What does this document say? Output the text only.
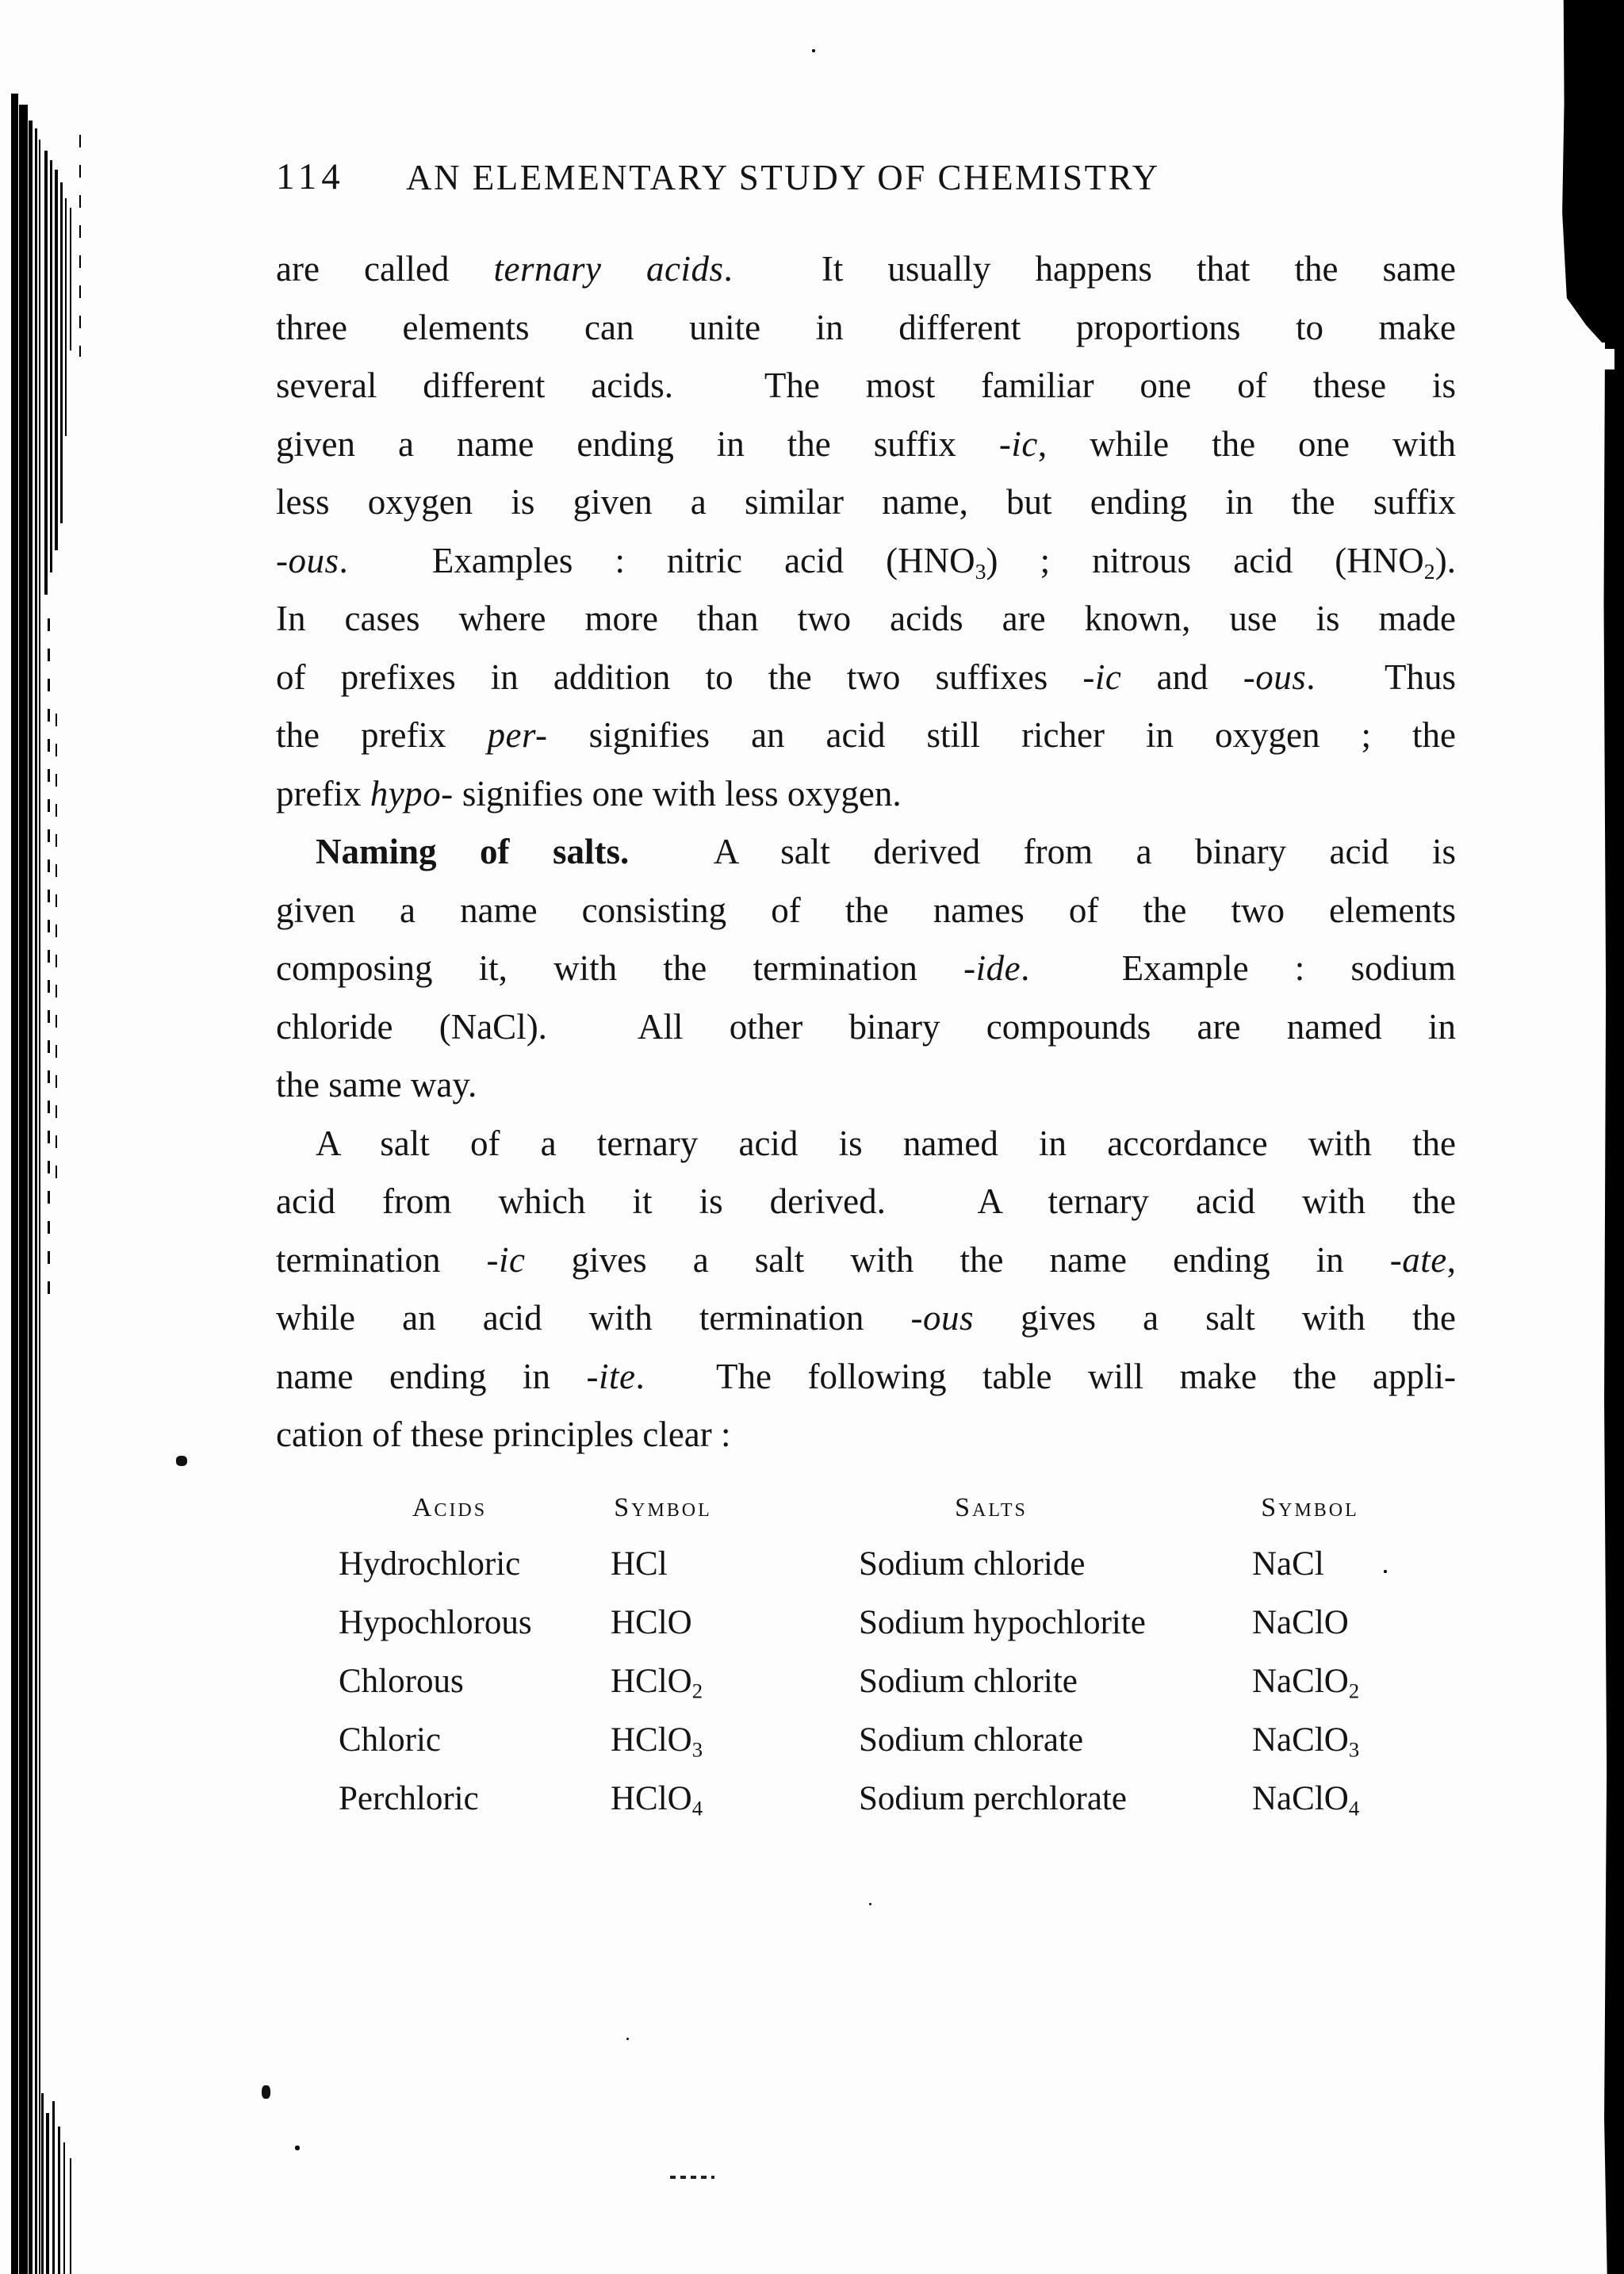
114 AN ELEMENTARY STUDY OF CHEMISTRY
are called ternary acids.  It usually happens that the same
three elements can unite in different proportions to make
several different acids.  The most familiar one of these is
given a name ending in the suffix -ic, while the one with
less oxygen is given a similar name, but ending in the suffix
-ous.  Examples : nitric acid $(HNO_3)$ ; nitrous acid $(HNO_2)$.
In cases where more than two acids are known, use is made
of prefixes in addition to the two suffixes -ic and -ous.  Thus
the prefix per- signifies an acid still richer in oxygen ; the
prefix hypo- signifies one with less oxygen.
Naming of salts.  A salt derived from a binary acid is
given a name consisting of the names of the two elements
composing it, with the termination -ide.  Example : sodium
chloride (NaCl).  All other binary compounds are named in
the same way.
A salt of a ternary acid is named in accordance with the
acid from which it is derived.  A ternary acid with the
termination -ic gives a salt with the name ending in -ate,
while an acid with termination -ous gives a salt with the
name ending in -ite.  The following table will make the appli-
cation of these principles clear :
Acids	Symbol	Salts	Symbol
Hydrochloric	HCl	Sodium chloride	NaCl
Hypochlorous HClO	Sodium hypochlorite	NaClO
Chlorous	HClO$_2$	Sodium chlorite	NaClO$_2$
Chloric	HClO$_3$	Sodium chlorate	NaClO$_3$
Perchloric	HClO$_4$	Sodium perchlorate	NaClO$_4$
